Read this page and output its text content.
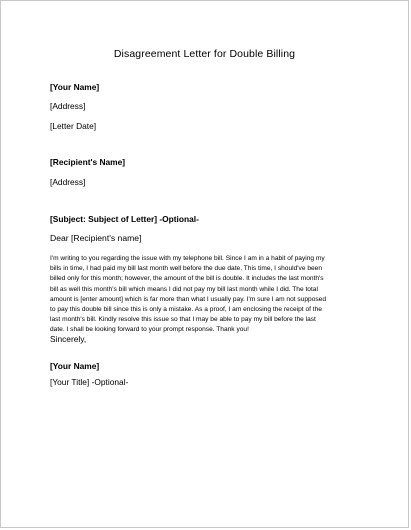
Disagreement Letter for Double Billing
[Your Name]
[Address]
[Letter Date]
[Recipient's Name]
[Address]
[Subject: Subject of Letter] -Optional-
Dear [Recipient's name]
I'm writing to you regarding the issue with my telephone bill. Since I am in a habit of paying my
bills in time, I had paid my bill last month well before the due date. This time, I should've been
billed only for this month; however, the amount of the bill is double. It includes the last month's
bill as well this month's bill which means I did not pay my bill last month while I did. The total
amount is [enter amount] which is far more than what I usually pay. I'm sure I am not supposed
to pay this double bill since this is only a mistake. As a proof, I am enclosing the receipt of the
last month's bill. Kindly resolve this issue so that I may be able to pay my bill before the last
date. I shall be looking forward to your prompt response. Thank you!
Sincerely,
[Your Name]
[Your Title] -Optional-
